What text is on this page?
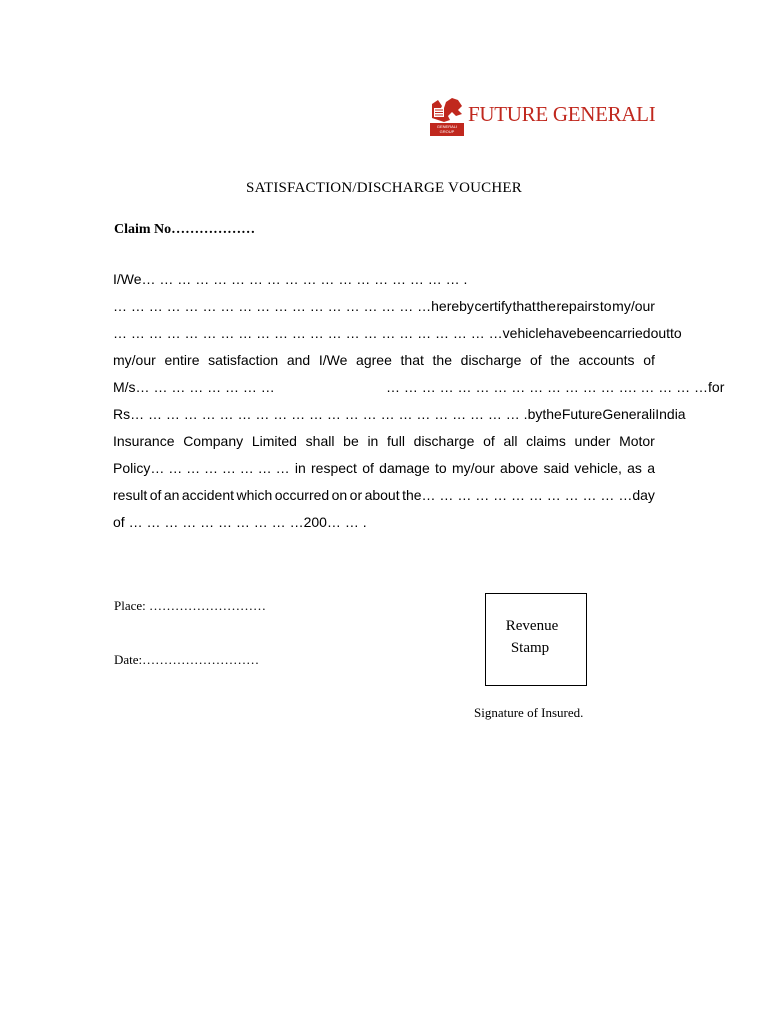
GENERALI GROUP
FUTURE GENERALI
SATISFACTION/DISCHARGE VOUCHER
Claim No………………
I/We… … … … … … … … … … … … … … … … … … .
… … … … … … … … … … … … … … … … … …hereby certify that the repairs to my/our
… … … … … … … … … … … … … … … … … … … … … …vehicle have been carried out to
my/our entire satisfaction and I/We agree that the discharge of the accounts of
M/s… … … … … … … …	… … … … … … … … … … … … … …. … … … …for
Rs… … … … … … … … … … … … … … … … … … … … … … . by the Future Generali India
Insurance Company Limited shall be in full discharge of all claims under Motor
Policy… … … … … … … … in respect of damage to my/our above said vehicle, as a
result of an accident which occurred on or about the… … … … … … … … … … … …day
of … … … … … … … … … …200… … .
Place: ………………………
Date:………………………
Revenue
Stamp
Signature of Insured.
